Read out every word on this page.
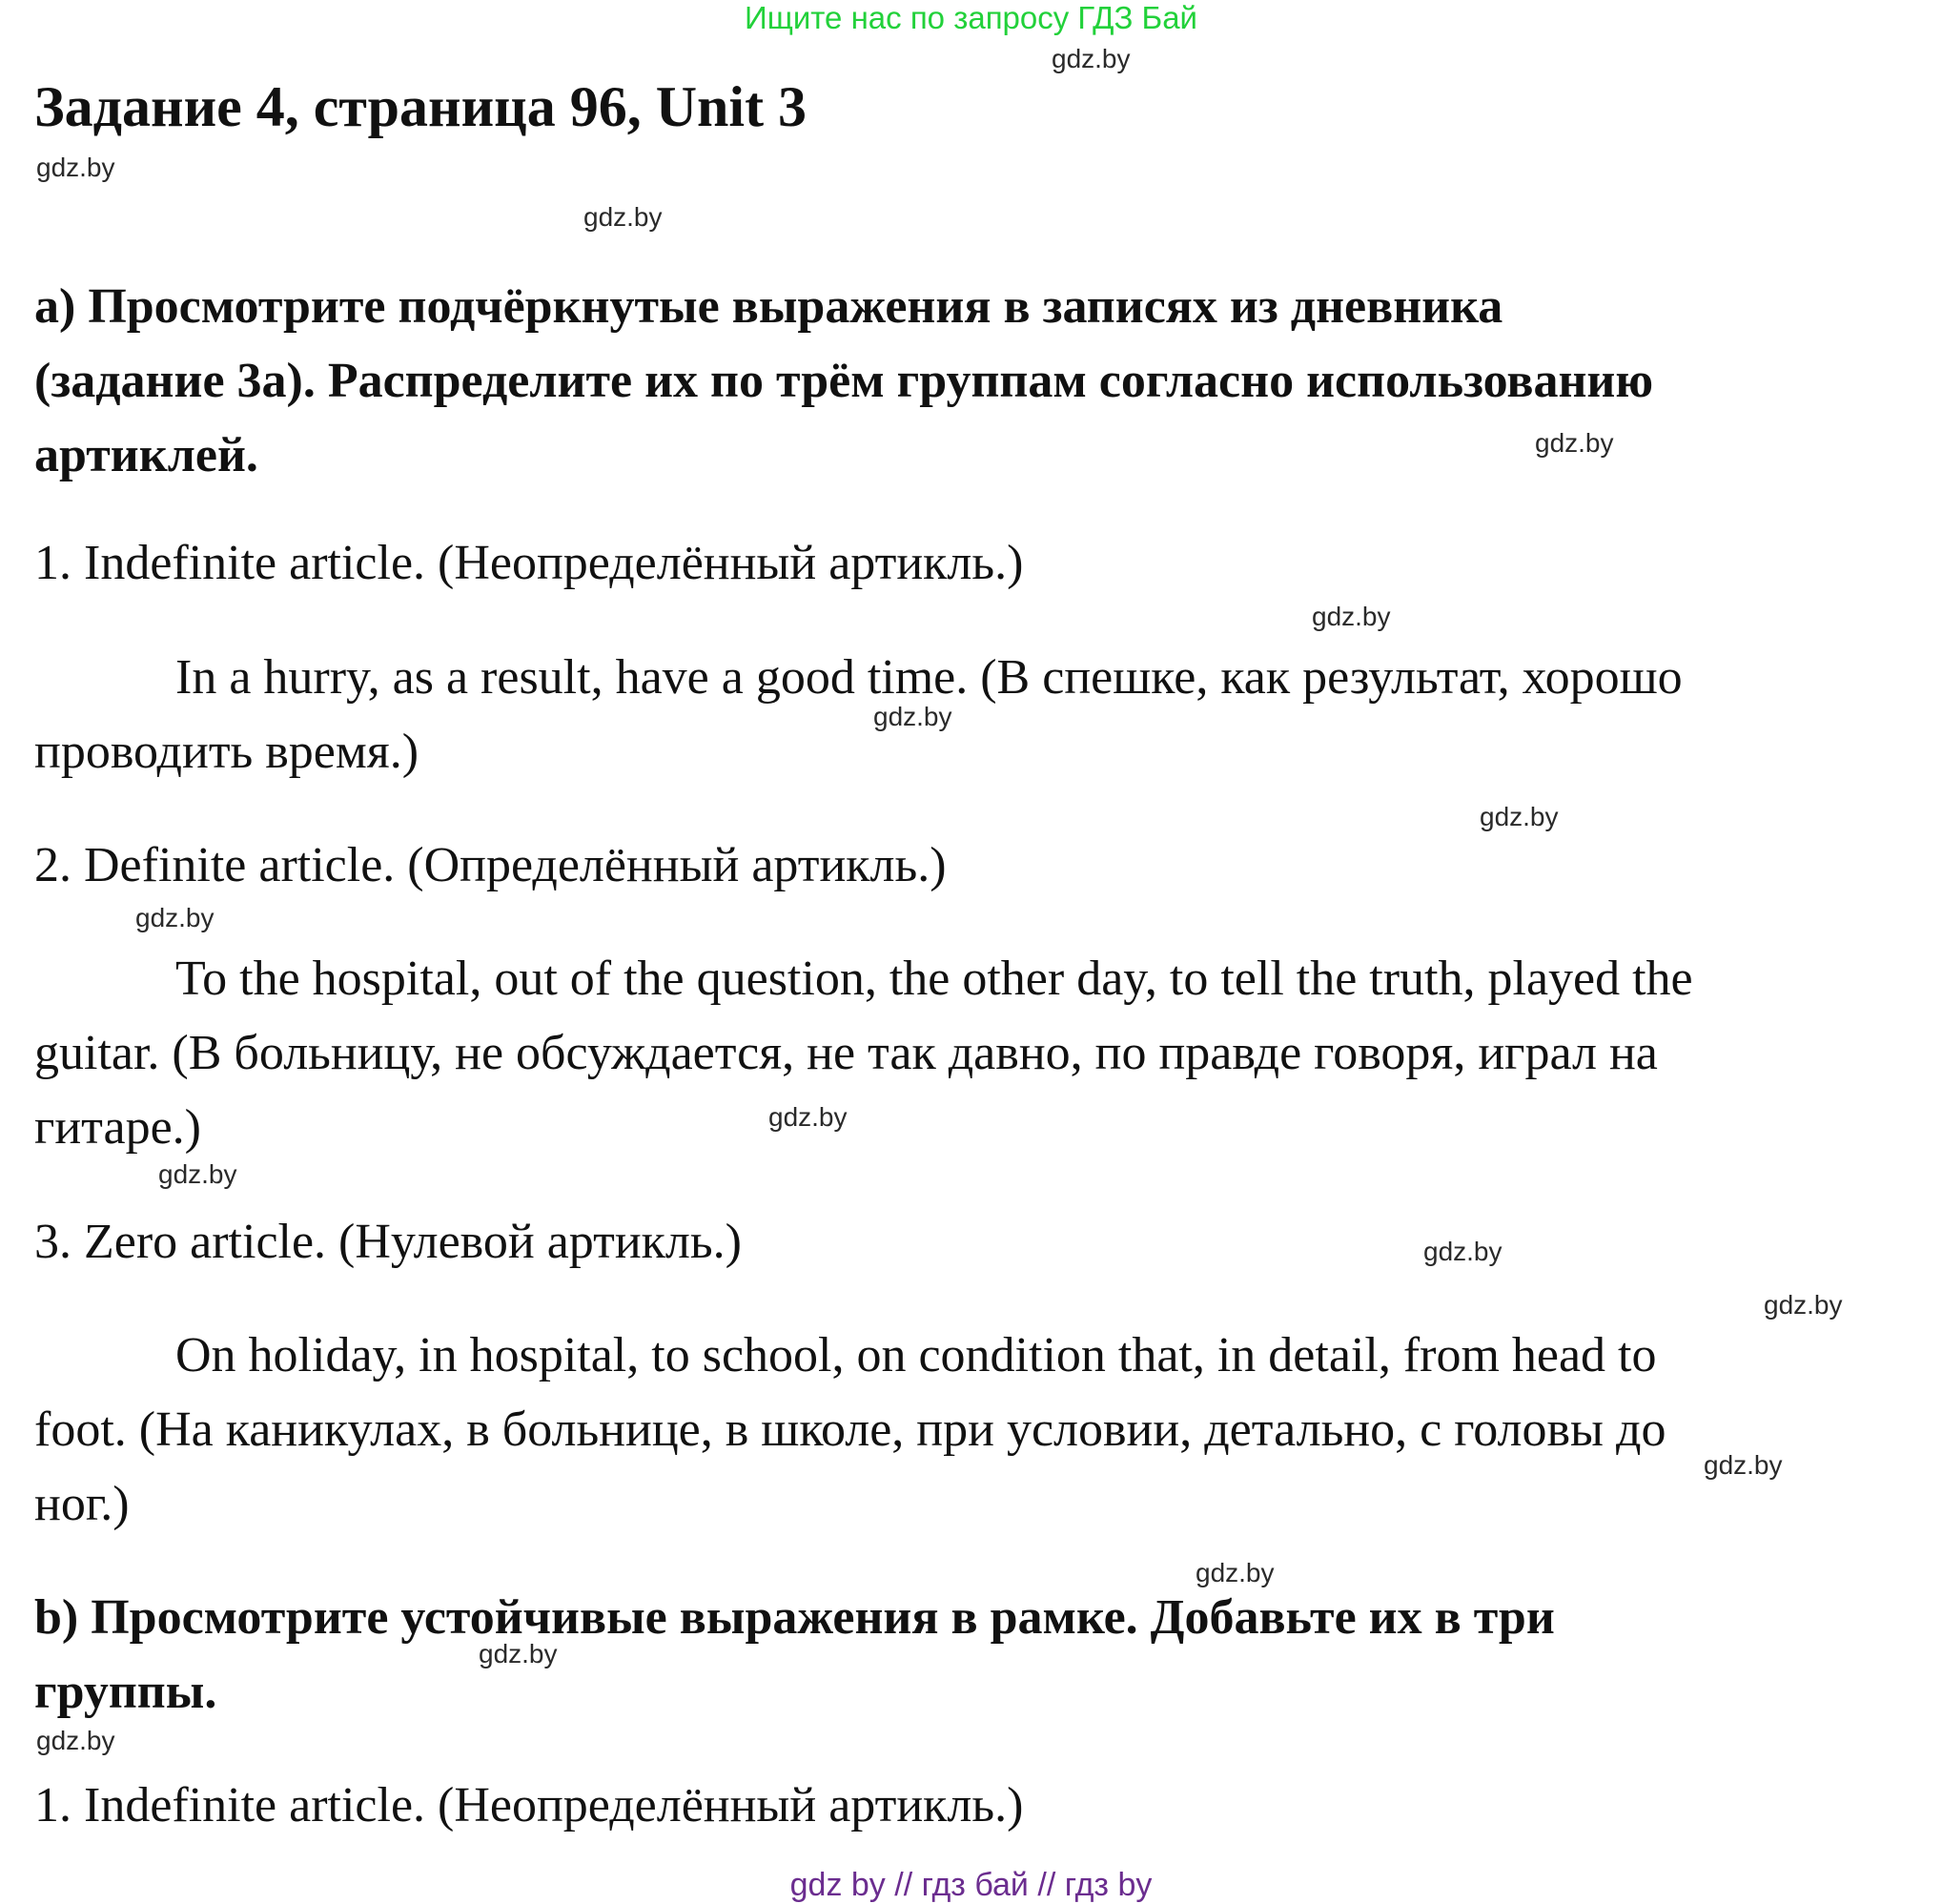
Ищите нас по запросу ГДЗ Бай
Задание 4, страница 96, Unit 3
a) Просмотрите подчёркнутые выражения в записях из дневника
(задание 3а). Распределите их по трём группам согласно использованию
артиклей.
1. Indefinite article. (Неопределённый артикль.)
In a hurry, as a result, have a good time. (В спешке, как результат, хорошо
проводить время.)
2. Definite article. (Определённый артикль.)
To the hospital, out of the question, the other day, to tell the truth, played the
guitar. (В больницу, не обсуждается, не так давно, по правде говоря, играл на
гитаре.)
3. Zero article. (Нулевой артикль.)
On holiday, in hospital, to school, on condition that, in detail, from head to
foot. (На каникулах, в больнице, в школе, при условии, детально, с головы до
ног.)
b) Просмотрите устойчивые выражения в рамке. Добавьте их в три
группы.
1. Indefinite article. (Неопределённый артикль.)
gdz.by
gdz.by
gdz.by
gdz.by
gdz.by
gdz.by
gdz.by
gdz.by
gdz.by
gdz.by
gdz.by
gdz.by
gdz.by
gdz.by
gdz.by
gdz.by
gdz by // гдз бай // гдз by
